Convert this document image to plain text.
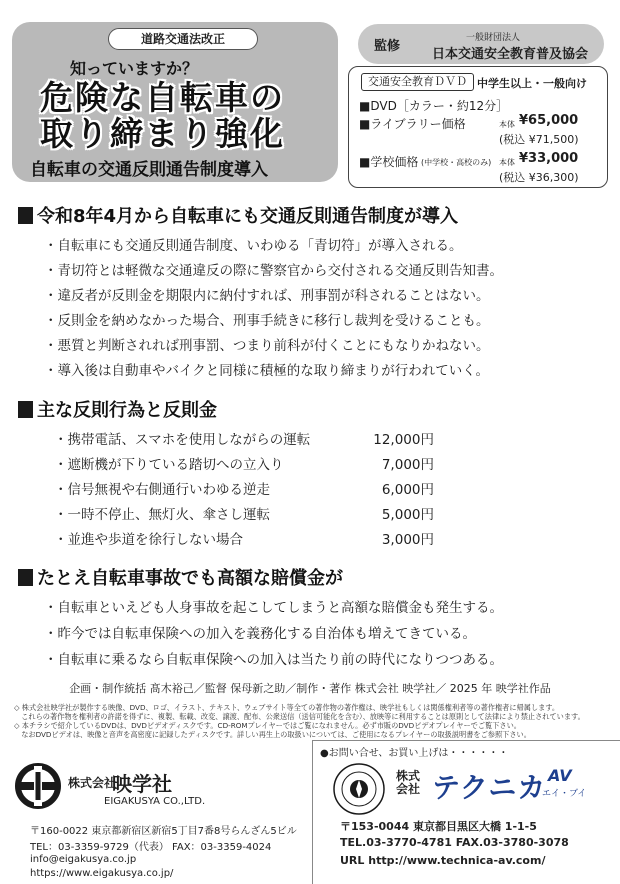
道路交通法改正
知っていますか？
危険な自転車の
取り締まり強化
自転車の交通反則通告制度導入
監修
一般財団法人
日本交通安全教育普及協会
交通安全教育ＤＶＤ 中学生以上・一般向け
■DVD［カラー・約12分］
■ライブラリー価格	本体 ¥65,000
(税込 ¥71,500)
■学校価格 (中学校・高校のみ) 本体 ¥33,000
(税込 ¥36,300)
令和8年4月から自転車にも交通反則通告制度が導入
・自転車にも交通反則通告制度、いわゆる「青切符」が導入される。
・青切符とは軽微な交通違反の際に警察官から交付される交通反則告知書。
・違反者が反則金を期限内に納付すれば、刑事罰が科されることはない。
・反則金を納めなかった場合、刑事手続きに移行し裁判を受けることも。
・悪質と判断されれば刑事罰、つまり前科が付くことにもなりかねない。
・導入後は自動車やバイクと同様に積極的な取り締まりが行われていく。
主な反則行為と反則金
・携帯電話、スマホを使用しながらの運転	12,000円
・遮断機が下りている踏切への立入り	7,000円
・信号無視や右側通行いわゆる逆走	6,000円
・一時不停止、無灯火、傘さし運転	5,000円
・並進や歩道を徐行しない場合	3,000円
たとえ自転車事故でも高額な賠償金が
・自転車といえども人身事故を起こしてしまうと高額な賠償金も発生する。
・昨今では自転車保険への加入を義務化する自治体も増えてきている。
・自転車に乗るなら自転車保険への加入は当たり前の時代になりつつある。
企画・制作統括 髙木裕己／監督 保母新之助／制作・著作 株式会社 映学社／ 2025 年 映学社作品
◇ 株式会社映学社が製作する映像、DVD、ロゴ、イラスト、テキスト、ウェブサイト等全ての著作物の著作権は、映学社もしくは関係権利者等の著作権者に帰属します。
　これらの著作物を権利者の許諾を得ずに、複製、転載、改変、譲渡、配布、公衆送信（送信可能化を含む）、放映等に利用することは原則として法律により禁止されています。
◇ 本チラシで紹介しているDVDは、DVDビデオディスクです。CD-ROMプレイヤーではご覧になれません。必ず市販のDVDビデオプレイヤーでご覧下さい。
　なおDVDビデオは、映像と音声を高密度に記録したディスクです。詳しい再生上の取扱いについては、ご使用になるプレイヤーの取扱説明書をご参照下さい。
●お問い合せ、お買い上げは・・・・・・
株式会社
映学社
EIGAKUSYA CO.,LTD.
〒160-0022 東京都新宿区新宿5丁目7番8号らんざん5ビル
TEL：03-3359-9729（代表） FAX：03-3359-4024
info@eigakusya.co.jp
https://www.eigakusya.co.jp/
株式会社 テクニカ AV
エイ・ブイ
〒153-0044 東京都目黒区大橋 1-1-5
TEL.03-3770-4781 FAX.03-3780-3078
URL http://www.technica-av.com/
